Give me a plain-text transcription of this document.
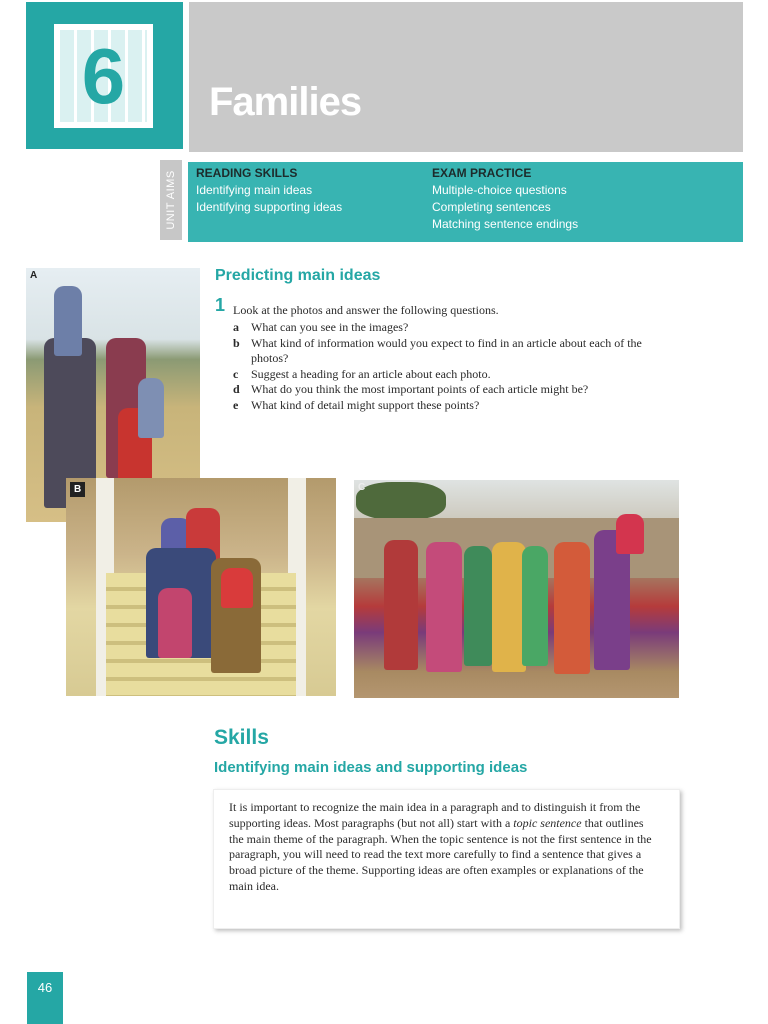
6 Families
UNIT AIMS READING SKILLS
Identifying main ideas
Identifying supporting ideas
EXAM PRACTICE
Multiple-choice questions
Completing sentences
Matching sentence endings
A
B	C
Predicting main ideas
1 Look at the photos and answer the following questions.
a What can you see in the images?
b What kind of information would you expect to find in an article about each of the photos?
c Suggest a heading for an article about each photo.
d What do you think the most important points of each article might be?
e What kind of detail might support these points?
Skills
Identifying main ideas and supporting ideas

It is important to recognize the main idea in a paragraph and to distinguish it from the supporting ideas. Most paragraphs (but not all) start with a topic sentence that outlines the main theme of the paragraph. When the topic sentence is not the first sentence in the paragraph, you will need to read the text more carefully to find a sentence that gives a broad picture of the theme. Supporting ideas are often examples or explanations of the main idea.

46
